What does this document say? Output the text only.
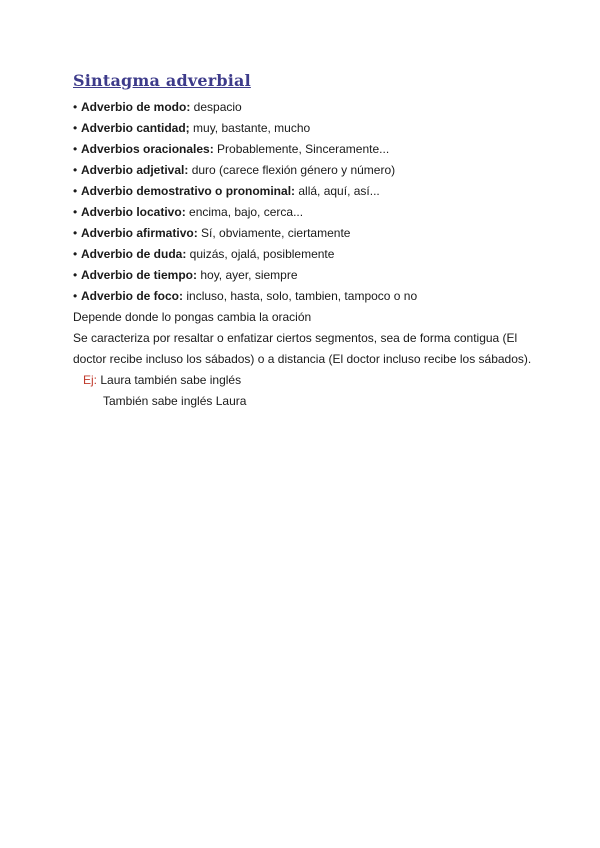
Sintagma adverbial
• Adverbio de modo: despacio
• Adverbio cantidad; muy, bastante, mucho
• Adverbios oracionales: Probablemente, Sinceramente...
• Adverbio adjetival: duro (carece flexión género y número)
• Adverbio demostrativo o pronominal: allá, aquí, así...
• Adverbio locativo: encima, bajo, cerca...
• Adverbio afirmativo: Sí, obviamente, ciertamente
• Adverbio de duda: quizás, ojalá, posiblemente
• Adverbio de tiempo: hoy, ayer, siempre
• Adverbio de foco: incluso, hasta, solo, tambien, tampoco o no

Depende donde lo pongas cambia la oración

Se caracteriza por resaltar o enfatizar ciertos segmentos, sea de forma contigua (El doctor recibe incluso los sábados) o a distancia (El doctor incluso recibe los sábados).

Ej: Laura también sabe inglés

También sabe inglés Laura
